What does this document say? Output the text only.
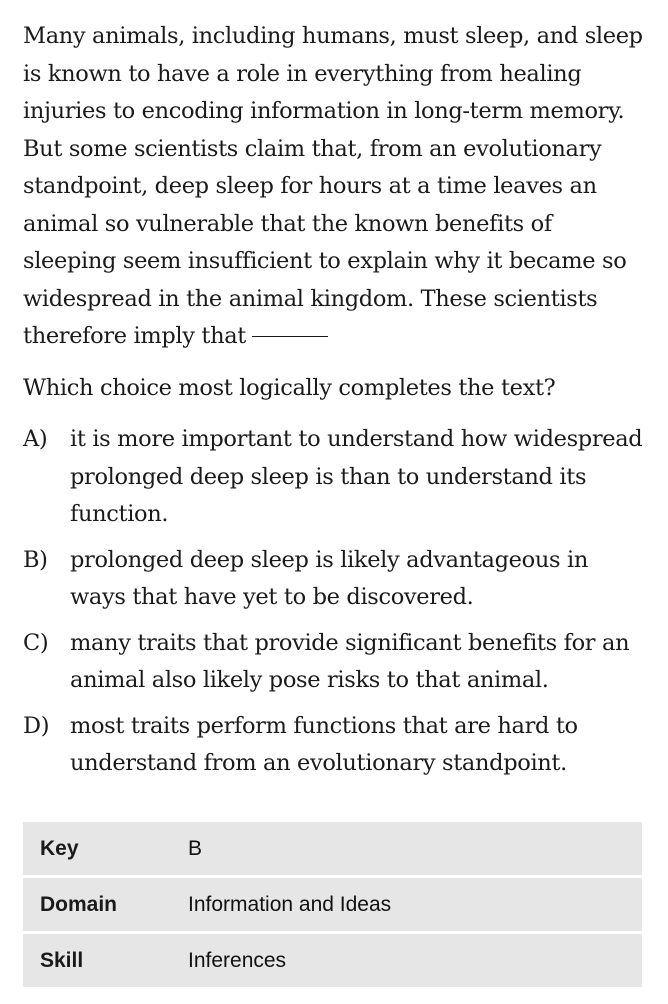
Many animals, including humans, must sleep, and sleep is known to have a role in everything from healing injuries to encoding information in long-term memory. But some scientists claim that, from an evolutionary standpoint, deep sleep for hours at a time leaves an animal so vulnerable that the known benefits of sleeping seem insufficient to explain why it became so widespread in the animal kingdom. These scientists therefore imply that

Which choice most logically completes the text?

A)	it is more important to understand how widespread prolonged deep sleep is than to understand its function.
B) prolonged deep sleep is likely advantageous in ways that have yet to be discovered.
C) many traits that provide significant benefits for an animal also likely pose risks to that animal.
D) most traits perform functions that are hard to understand from an evolutionary standpoint.
Key	B
Domain	Information and Ideas
Skill	Inferences
